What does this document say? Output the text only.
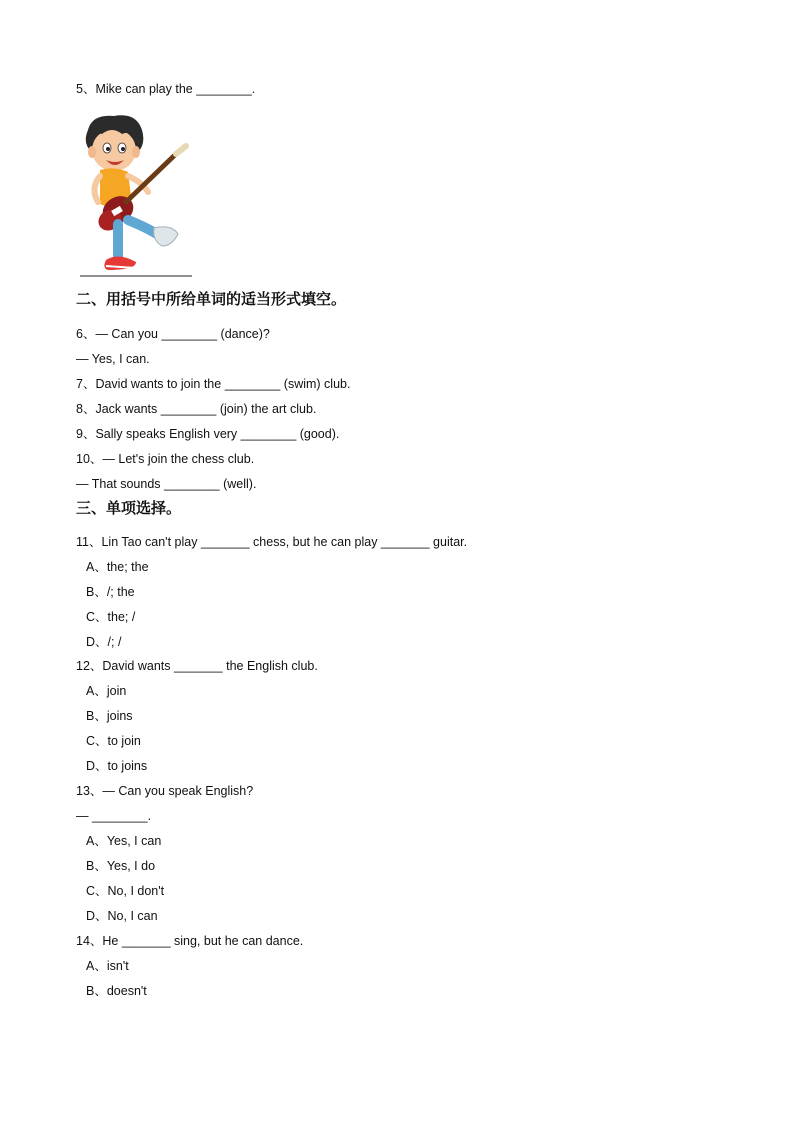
5、Mike can play the ________.

二、用括号中所给单词的适当形式填空。

6、— Can you ________ (dance)?

— Yes, I can.

7、David wants to join the ________ (swim) club.

8、Jack wants ________ (join) the art club.

9、Sally speaks English very ________ (good).

10、— Let's join the chess club.

— That sounds ________ (well).

三、单项选择。

11、Lin Tao can't play _______ chess, but he can play _______ guitar.

A、the; the

B、/; the

C、the; /

D、/; /

12、David wants _______ the English club.

A、join

B、joins

C、to join

D、to joins

13、— Can you speak English?

— ________.

A、Yes, I can

B、Yes, I do

C、No, I don't

D、No, I can

14、He _______ sing, but he can dance.

A、isn't

B、doesn't
